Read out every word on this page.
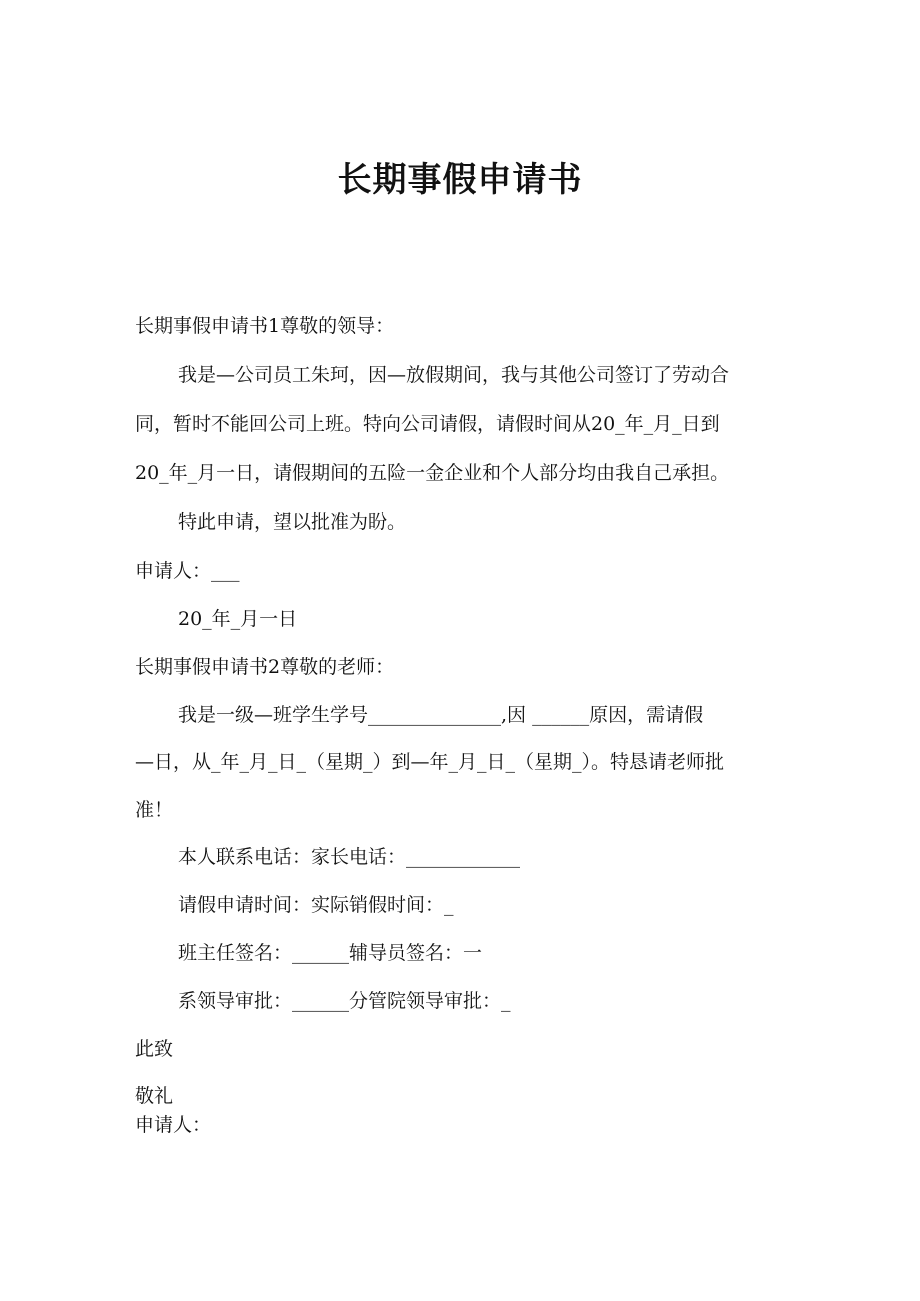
长期事假申请书

长期事假申请书1尊敬的领导：

我是—公司员工朱珂，因—放假期间，我与其他公司签订了劳动合

同，暂时不能回公司上班。特向公司请假，请假时间从20_年_月_日到

20_年_月一日，请假期间的五险一金企业和个人部分均由我自己承担。

特此申请，望以批准为盼。

申请人：___

20_年_月一日

长期事假申请书2尊敬的老师：

我是一级—班学生学号______________,因 ______原因，需请假

—日，从_年_月_日_（星期_）到—年_月_日_（星期_）。特恳请老师批

准！

本人联系电话：家长电话：____________

请假申请时间：实际销假时间：_

班主任签名：______辅导员签名：一

系领导审批：______分管院领导审批：_

此致

敬礼

申请人：
